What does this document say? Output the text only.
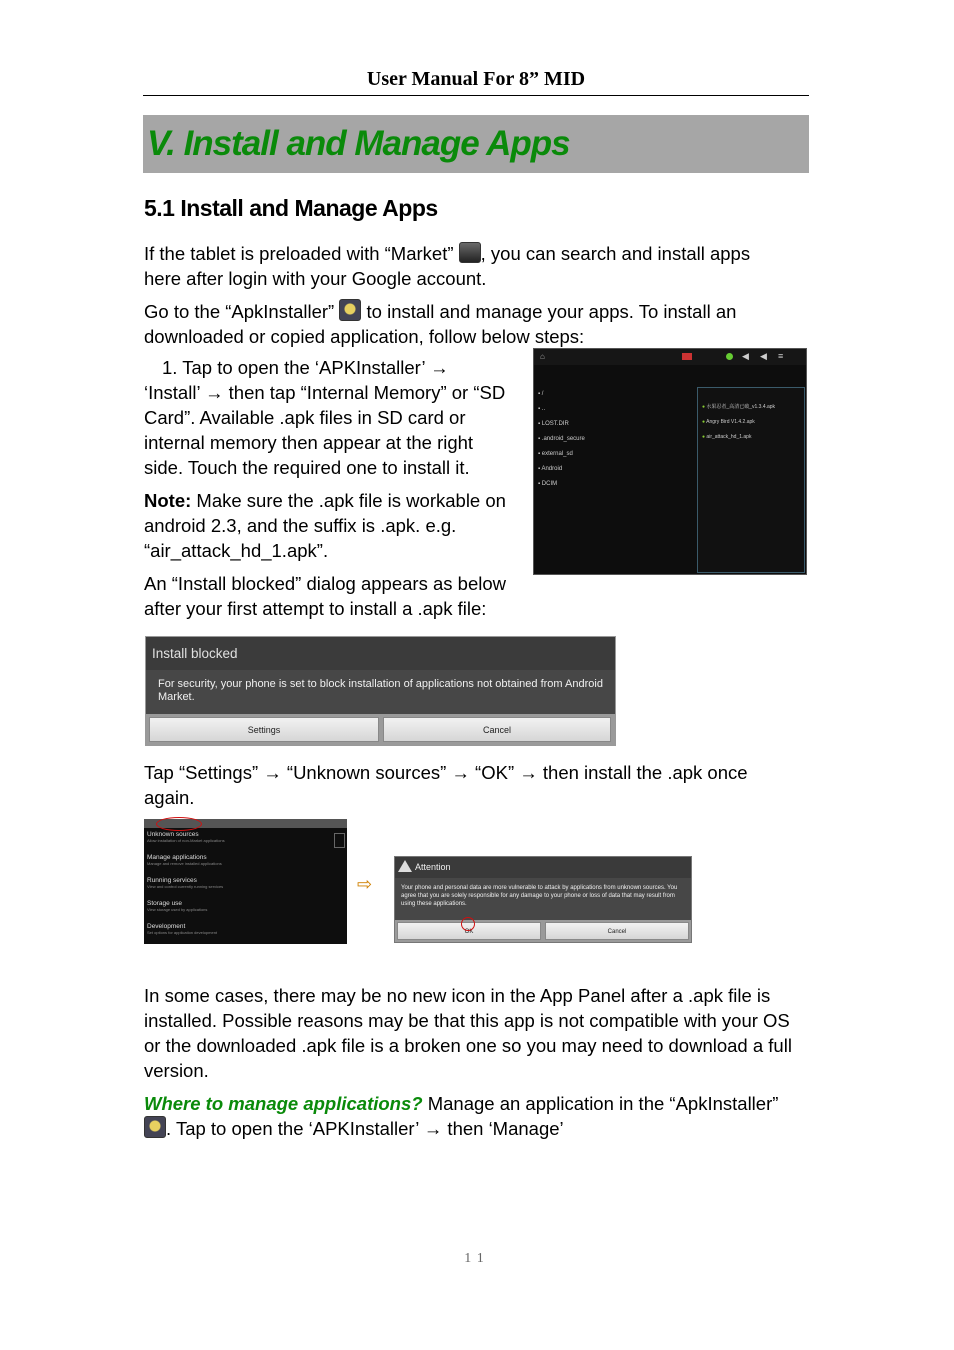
User Manual For 8” MID
V. Install and Manage Apps
5.1 Install and Manage Apps
If the tablet is preloaded with “Market” , you can search and install apps
here after login with your Google account.
Go to the “ApkInstaller” to install and manage your apps. To install an
downloaded or copied application, follow below steps:
1. Tap to open the ‘APKInstaller’ →
‘Install’ → then tap “Internal Memory” or “SD
Card”. Available .apk files in SD card or
internal memory then appear at the right
side. Touch the required one to install it.
Note: Make sure the .apk file is workable on
android 2.3, and the suffix is .apk. e.g.
“air_attack_hd_1.apk”.
An “Install blocked” dialog appears as below
after your first attempt to install a .apk file:
⌂	◀ ◀ ≡
▪ /
▪ ..
▪ LOST.DIR
▪ .android_secure
▪ external_sd
▪ Android
▪ DCIM
● 水果忍者_高清已破_v1.3.4.apk
● Angry Bird V1.4.2.apk
● air_attack_hd_1.apk
Install blocked
For security, your phone is set to block installation of applications not obtained from Android Market.
Settings	Cancel
Tap “Settings” → “Unknown sources” → “OK” → then install the .apk once
again.
Unknown sources
Allow installation of non-Market applications
Manage applications
Manage and remove installed applications
Running services
View and control currently running services
Storage use
View storage used by applications
Development
Set options for application development
⇨
Attention
Your phone and personal data are more vulnerable to attack by applications from unknown sources. You agree that you are solely responsible for any damage to your phone or loss of data that may result from using these applications.
OK	Cancel
In some cases, there may be no new icon in the App Panel after a .apk file is
installed. Possible reasons may be that this app is not compatible with your OS
or the downloaded .apk file is a broken one so you may need to download a full
version.
Where to manage applications? Manage an application in the “ApkInstaller”
. Tap to open the ‘APKInstaller’ → then ‘Manage’
11
